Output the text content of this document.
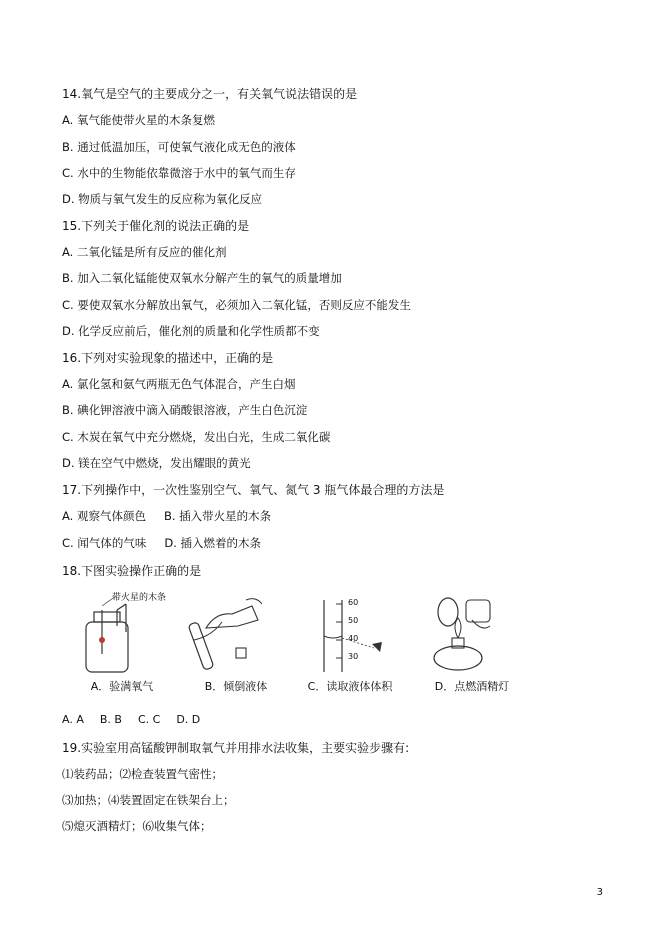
14.氧气是空气的主要成分之一，有关氧气说法错误的是
A. 氧气能使带火星的木条复燃
B. 通过低温加压，可使氧气液化成无色的液体
C. 水中的生物能依靠微溶于水中的氧气而生存
D. 物质与氧气发生的反应称为氧化反应
15.下列关于催化剂的说法正确的是
A. 二氧化锰是所有反应的催化剂
B. 加入二氧化锰能使双氧水分解产生的氧气的质量增加
C. 要使双氧水分解放出氧气，必须加入二氧化锰，否则反应不能发生
D. 化学反应前后，催化剂的质量和化学性质都不变
16.下列对实验现象的描述中，正确的是
A. 氯化氢和氨气两瓶无色气体混合，产生白烟
B. 碘化钾溶液中滴入硝酸银溶液，产生白色沉淀
C. 木炭在氧气中充分燃烧，发出白光，生成二氧化碳
D. 镁在空气中燃烧，发出耀眼的黄光
17.下列操作中，一次性鉴别空气、氧气、氮气 3 瓶气体最合理的方法是
A. 观察气体颜色 B. 插入带火星的木条
C. 闻气体的气味 D. 插入燃着的木条
18.下图实验操作正确的是
带火星的木条
A．验满氧气	B．倾倒液体
60
50
40
30
C．读取液体体积	D．点燃酒精灯
A. A B. B C. C D. D
19.实验室用高锰酸钾制取氧气并用排水法收集，主要实验步骤有:
⑴装药品；⑵检查装置气密性；
⑶加热；⑷装置固定在铁架台上；
⑸熄灭酒精灯；⑹收集气体；
3
